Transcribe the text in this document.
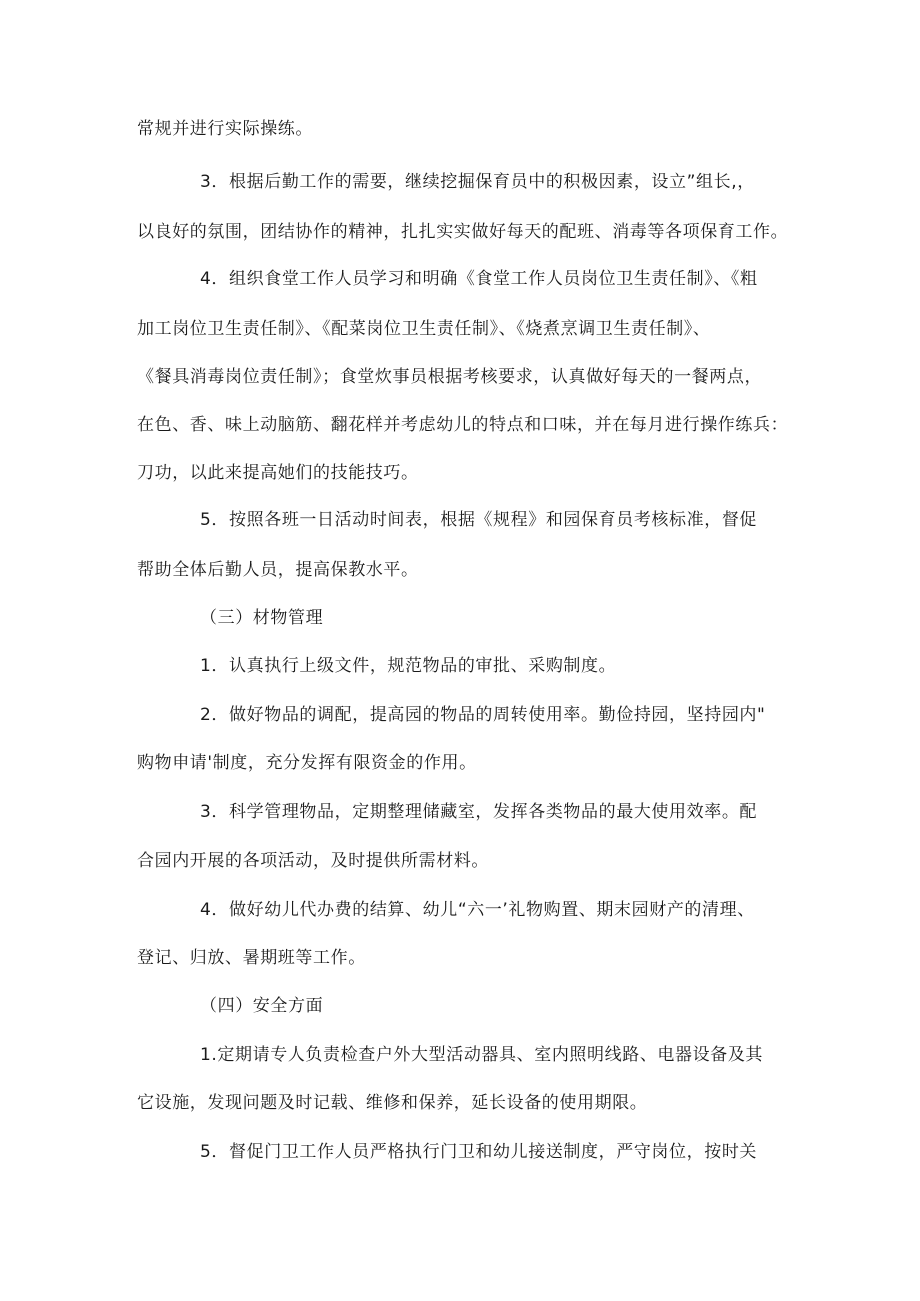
常规并进行实际操练。
3．根据后勤工作的需要，继续挖掘保育员中的积极因素，设立”组长,，
以良好的氛围，团结协作的精神，扎扎实实做好每天的配班、消毒等各项保育工作。
4．组织食堂工作人员学习和明确《食堂工作人员岗位卫生责任制》、《粗
加工岗位卫生责任制》、《配菜岗位卫生责任制》、《烧煮烹调卫生责任制》、
《餐具消毒岗位责任制》；食堂炊事员根据考核要求，认真做好每天的一餐两点，
在色、香、味上动脑筋、翻花样并考虑幼儿的特点和口味，并在每月进行操作练兵：
刀功，以此来提高她们的技能技巧。
5．按照各班一日活动时间表，根据《规程》和园保育员考核标准，督促
帮助全体后勤人员，提高保教水平。
（三）材物管理
1．认真执行上级文件，规范物品的审批、采购制度。
2．做好物品的调配，提高园的物品的周转使用率。勤俭持园，坚持园内"
购物申请'制度，充分发挥有限资金的作用。
3．科学管理物品，定期整理储藏室，发挥各类物品的最大使用效率。配
合园内开展的各项活动，及时提供所需材料。
4．做好幼儿代办费的结算、幼儿“六一’礼物购置、期末园财产的清理、
登记、归放、暑期班等工作。
（四）安全方面
1.定期请专人负责检查户外大型活动器具、室内照明线路、电器设备及其
它设施，发现问题及时记载、维修和保养，延长设备的使用期限。
5．督促门卫工作人员严格执行门卫和幼儿接送制度，严守岗位，按时关
